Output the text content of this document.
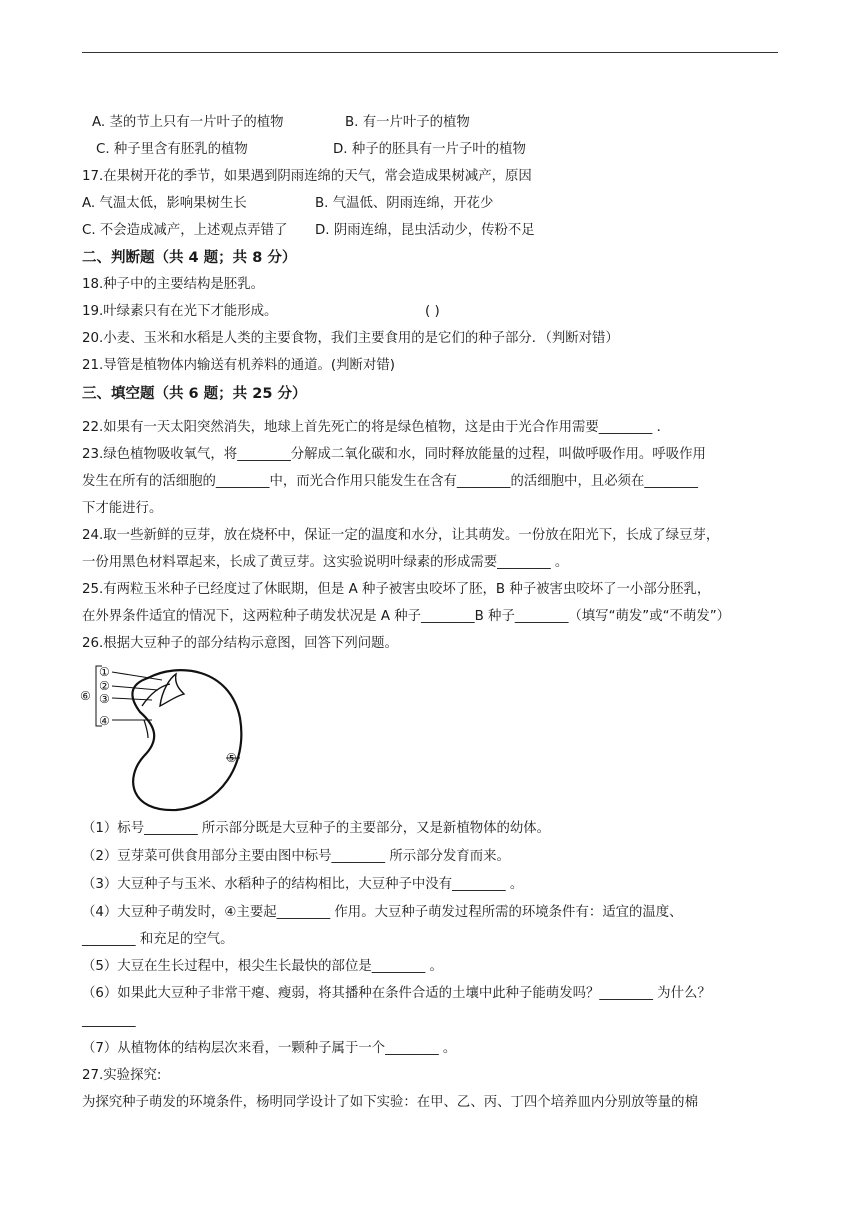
A. 茎的节上只有一片叶子的植物	B. 有一片叶子的植物
C. 种子里含有胚乳的植物	D. 种子的胚具有一片子叶的植物
17.在果树开花的季节，如果遇到阴雨连绵的天气，常会造成果树减产，原因
A. 气温太低，影响果树生长	B. 气温低、阴雨连绵，开花少
C. 不会造成减产，上述观点弄错了 D. 阴雨连绵，昆虫活动少，传粉不足
二、判断题（共 4 题；共 8 分）
18.种子中的主要结构是胚乳。
19.叶绿素只有在光下才能形成。	( )
20.小麦、玉米和水稻是人类的主要食物，我们主要食用的是它们的种子部分．（判断对错）
21.导管是植物体内输送有机养料的通道。(判断对错)
三、填空题（共 6 题；共 25 分）
22.如果有一天太阳突然消失，地球上首先死亡的将是绿色植物，这是由于光合作用需要________ ．
23.绿色植物吸收氧气，将________分解成二氧化碳和水，同时释放能量的过程，叫做呼吸作用。呼吸作用
发生在所有的活细胞的________中，而光合作用只能发生在含有________的活细胞中，且必须在________
下才能进行。
24.取一些新鲜的豆芽，放在烧杯中，保证一定的温度和水分，让其萌发。一份放在阳光下，长成了绿豆芽，
一份用黑色材料罩起来，长成了黄豆芽。这实验说明叶绿素的形成需要________ 。
25.有两粒玉米种子已经度过了休眠期，但是 A 种子被害虫咬坏了胚，B 种子被害虫咬坏了一小部分胚乳，
在外界条件适宜的情况下，这两粒种子萌发状况是 A 种子________B 种子________（填写“萌发”或“不萌发”）
26.根据大豆种子的部分结构示意图，回答下列问题。
①
②
③
④
⑤
⑥
（1）标号________ 所示部分既是大豆种子的主要部分，又是新植物体的幼体。
（2）豆芽菜可供食用部分主要由图中标号________ 所示部分发育而来。
（3）大豆种子与玉米、水稻种子的结构相比，大豆种子中没有________ 。
（4）大豆种子萌发时，④主要起________ 作用。大豆种子萌发过程所需的环境条件有：适宜的温度、
________ 和充足的空气。
（5）大豆在生长过程中，根尖生长最快的部位是________ 。
（6）如果此大豆种子非常干瘪、瘦弱，将其播种在条件合适的土壤中此种子能萌发吗？________ 为什么？
________
（7）从植物体的结构层次来看，一颗种子属于一个________ 。
27.实验探究:
为探究种子萌发的环境条件，杨明同学设计了如下实验：在甲、乙、丙、丁四个培养皿内分别放等量的棉
